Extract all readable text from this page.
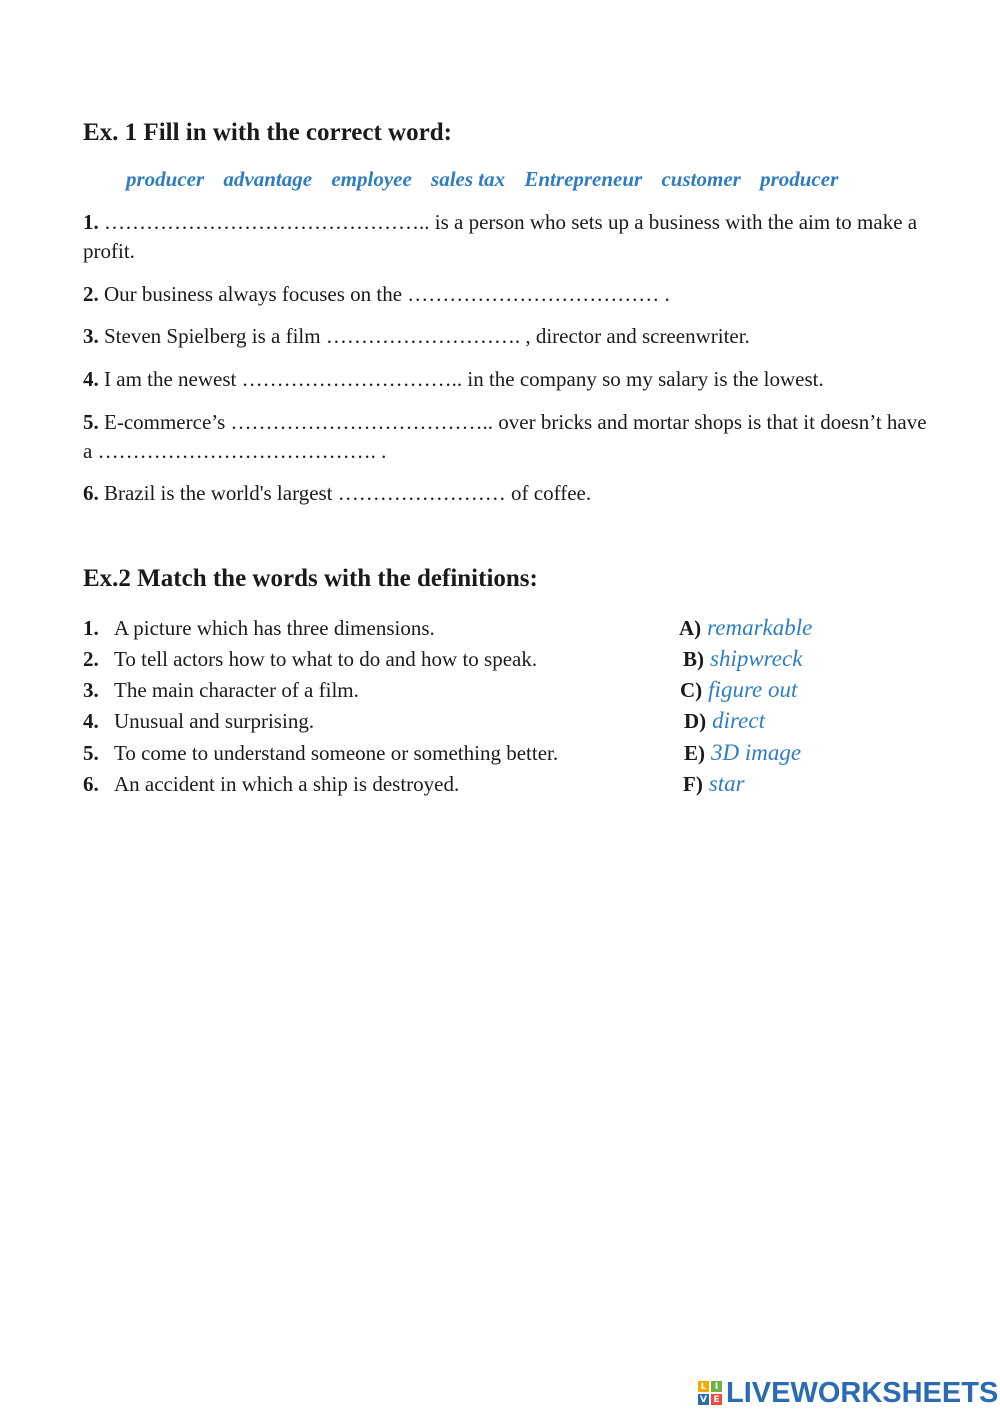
Ex. 1 Fill in with the correct word:
producer advantage employee sales tax Entrepreneur customer producer
1. ……………………………………….. is a person who sets up a business with the aim to make a profit.
2. Our business always focuses on the ……………………………… .
3. Steven Spielberg is a film ………………………. , director and screenwriter.
4. I am the newest ………………………….. in the company so my salary is the lowest.
5. E-commerce’s ……………………………….. over bricks and mortar shops is that it doesn’t have a …………………………………. .
6. Brazil is the world's largest …………………… of coffee.
Ex.2 Match the words with the definitions:
1. A picture which has three dimensions.	A) remarkable
2. To tell actors how to what to do and how to speak.	B) shipwreck
3. The main character of a film.	C) figure out
4. Unusual and surprising.	D) direct
5. To come to understand someone or something better.	E) 3D image
6. An accident in which a ship is destroyed.	F) star
L I
V E LIVEWORKSHEETS
